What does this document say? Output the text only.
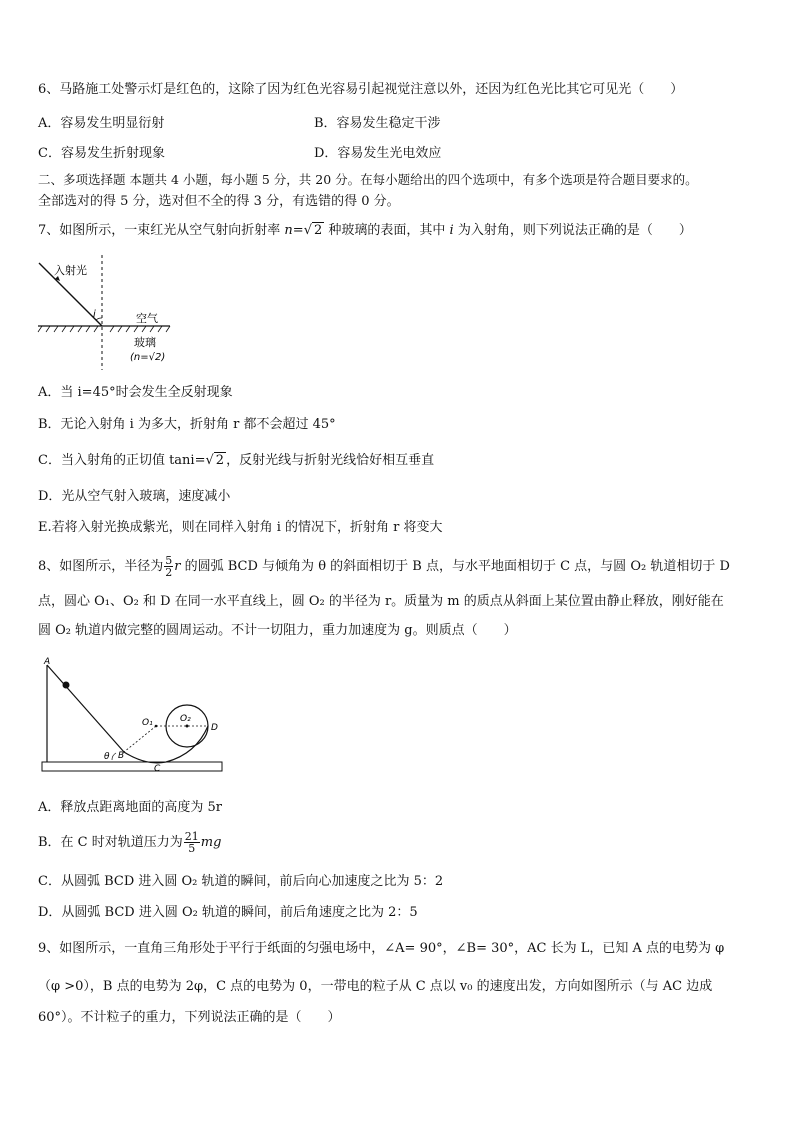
6、马路施工处警示灯是红色的，这除了因为红色光容易引起视觉注意以外，还因为红色光比其它可见光（　　）
A．容易发生明显衍射	B．容易发生稳定干涉
C．容易发生折射现象	D．容易发生光电效应
二、多项选择题 本题共 4 小题，每小题 5 分，共 20 分。在每小题给出的四个选项中，有多个选项是符合题目要求的。
全部选对的得 5 分，选对但不全的得 3 分，有选错的得 0 分。
7、如图所示，一束红光从空气射向折射率 n=√ 2 种玻璃的表面，其中 i 为入射角，则下列说法正确的是（　　）
入射光
i	空气
玻璃
(n=√2)
A．当 i=45°时会发生全反射现象
B．无论入射角 i 为多大，折射角 r 都不会超过 45°
C．当入射角的正切值 tani=√ 2 ，反射光线与折射光线恰好相互垂直
D．光从空气射入玻璃，速度减小
E.若将入射光换成紫光，则在同样入射角 i 的情况下，折射角 r 将变大
8、如图所示，半径为 $\frac{5}{2}$ r 的圆弧 BCD 与倾角为 θ 的斜面相切于 B 点，与水平地面相切于 C 点，与圆 O₂ 轨道相切于 D
点，圆心 O₁、O₂ 和 D 在同一水平直线上，圆 O₂ 的半径为 r。质量为 m 的质点从斜面上某位置由静止释放，刚好能在
圆 O₂ 轨道内做完整的圆周运动。不计一切阻力，重力加速度为 g。则质点（　　）
A
B
C
D
O₁	O₂
θ
A．释放点距离地面的高度为 5r
B．在 C 时对轨道压力为 $\frac{21}{5}$ mg
C．从圆弧 BCD 进入圆 O₂ 轨道的瞬间，前后向心加速度之比为 5：2
D．从圆弧 BCD 进入圆 O₂ 轨道的瞬间，前后角速度之比为 2：5
9、如图所示，一直角三角形处于平行于纸面的匀强电场中，∠A= 90°，∠B= 30°，AC 长为 L，已知 A 点的电势为 φ
（φ >0），B 点的电势为 2φ，C 点的电势为 0，一带电的粒子从 C 点以 v₀ 的速度出发，方向如图所示（与 AC 边成
60°）。不计粒子的重力，下列说法正确的是（　　）
